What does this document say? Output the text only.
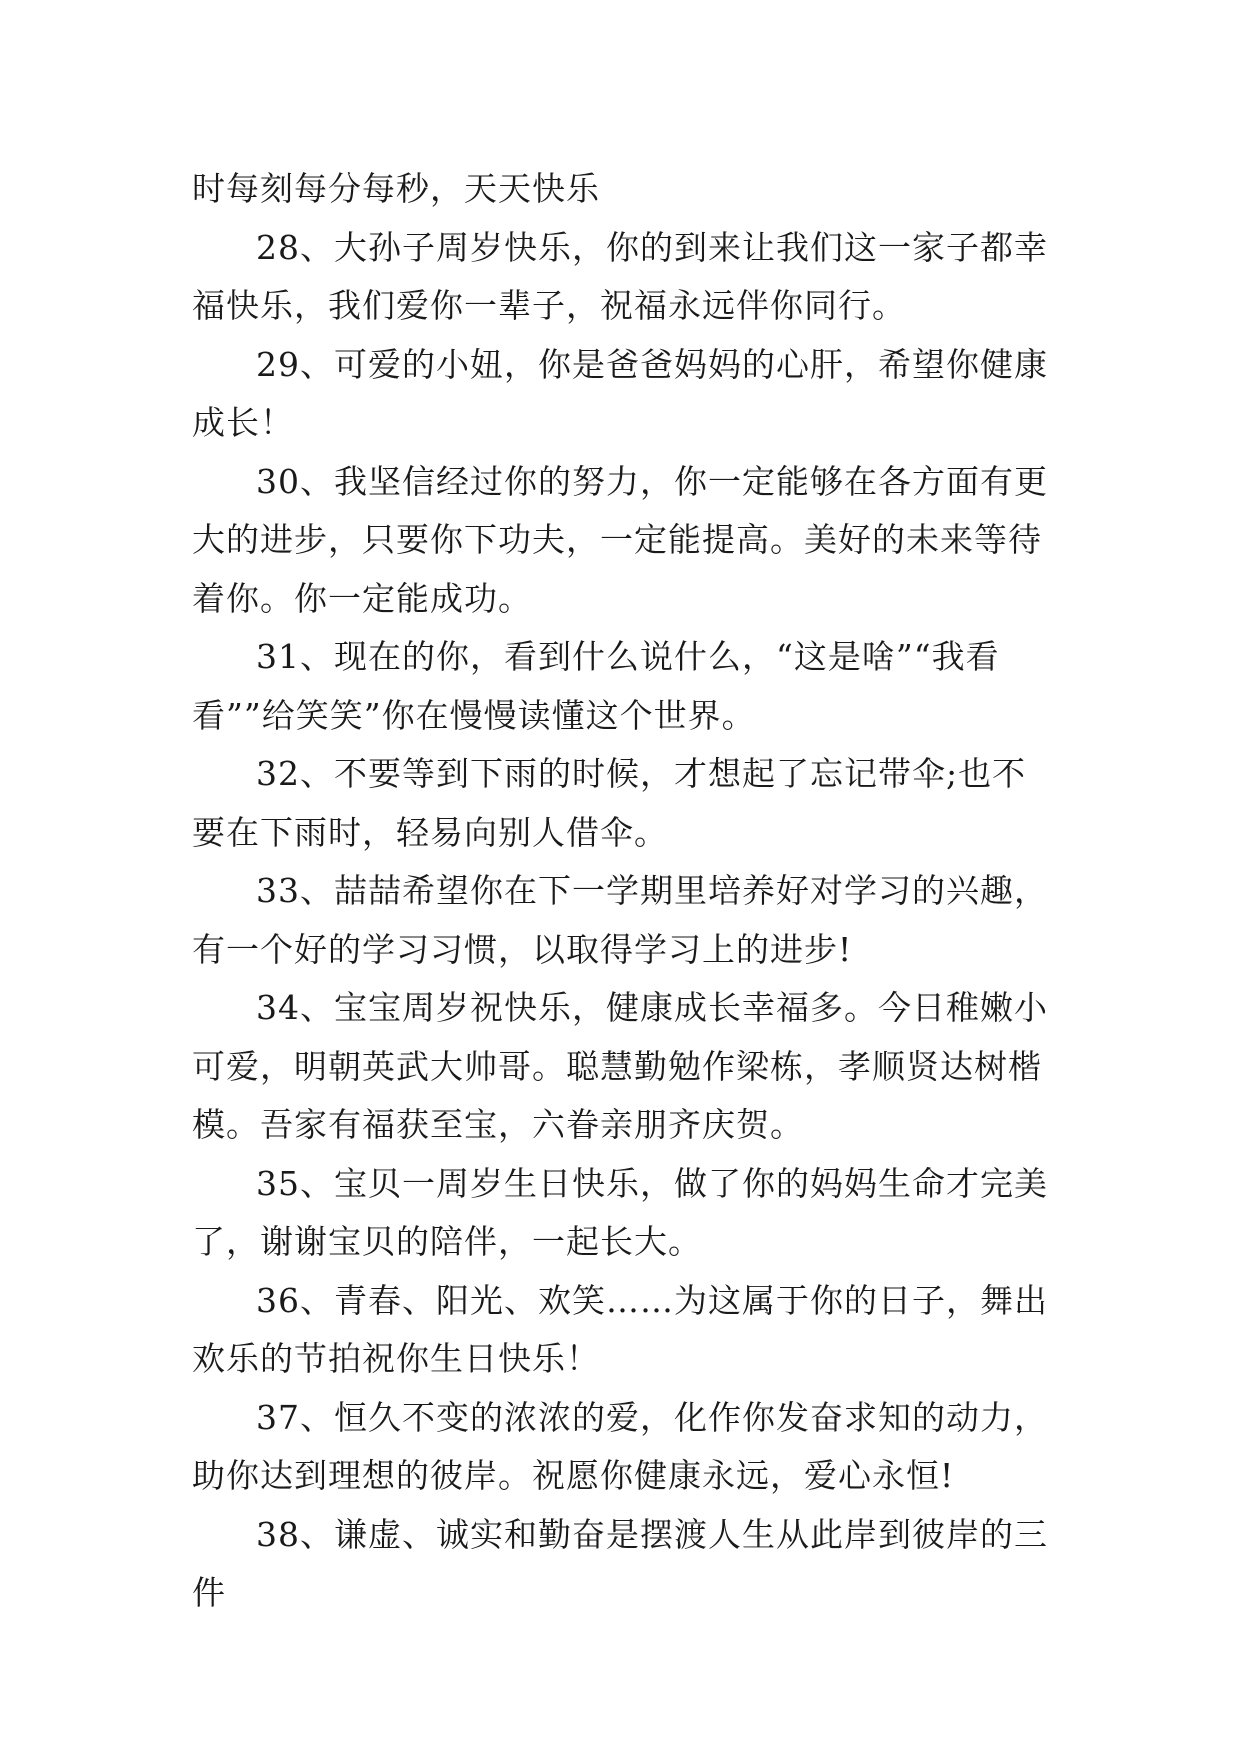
时每刻每分每秒，天天快乐

28、大孙子周岁快乐，你的到来让我们这一家子都幸福快乐，我们爱你一辈子，祝福永远伴你同行。

29、可爱的小妞，你是爸爸妈妈的心肝，希望你健康成长！

30、我坚信经过你的努力，你一定能够在各方面有更大的进步，只要你下功夫，一定能提高。美好的未来等待着你。你一定能成功。

31、现在的你，看到什么说什么，“这是啥”“我看看””给笑笑”你在慢慢读懂这个世界。

32、不要等到下雨的时候，才想起了忘记带伞;也不要在下雨时，轻易向别人借伞。

33、喆喆希望你在下一学期里培养好对学习的兴趣，有一个好的学习习惯，以取得学习上的进步!

34、宝宝周岁祝快乐，健康成长幸福多。今日稚嫩小可爱，明朝英武大帅哥。聪慧勤勉作梁栋，孝顺贤达树楷模。吾家有福获至宝，六眷亲朋齐庆贺。

35、宝贝一周岁生日快乐，做了你的妈妈生命才完美了，谢谢宝贝的陪伴，一起长大。

36、青春、阳光、欢笑……为这属于你的日子，舞出欢乐的节拍祝你生日快乐！

37、恒久不变的浓浓的爱，化作你发奋求知的动力，助你达到理想的彼岸。祝愿你健康永远，爱心永恒!

38、谦虚、诚实和勤奋是摆渡人生从此岸到彼岸的三件
